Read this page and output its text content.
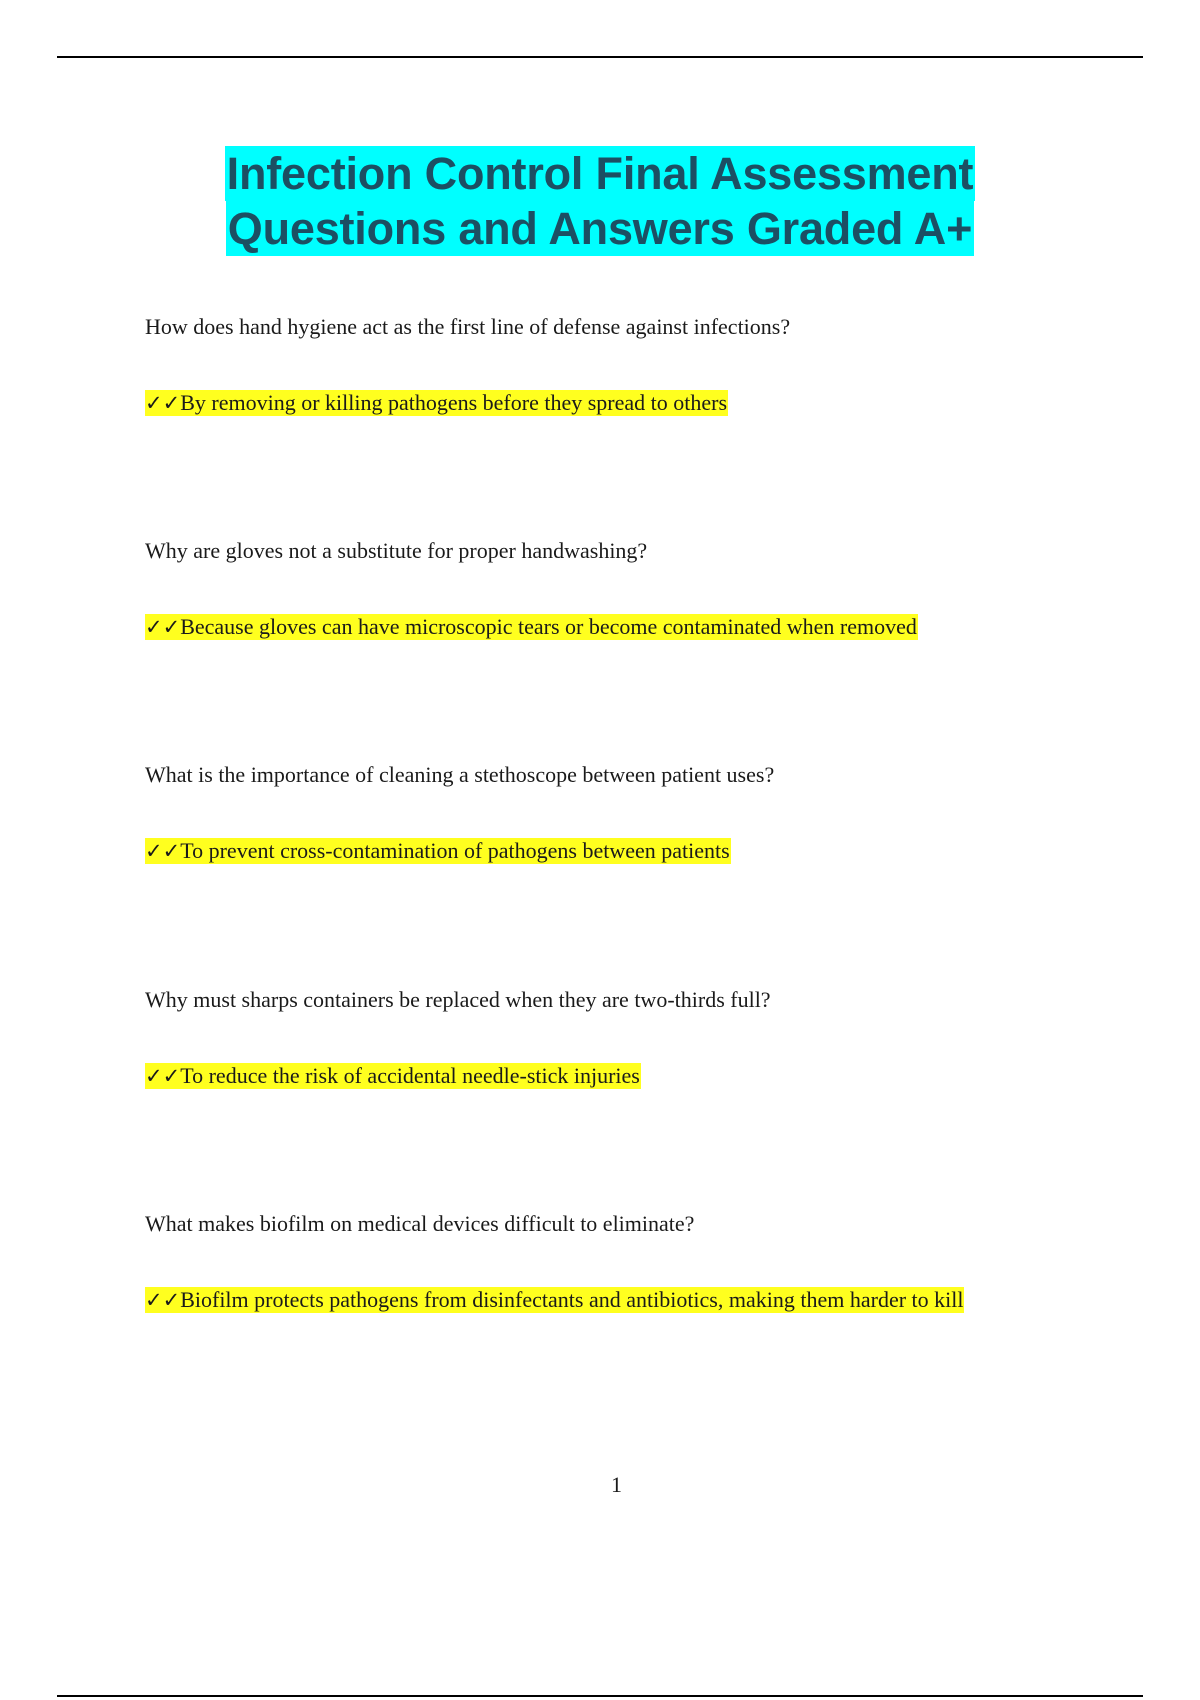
Infection Control Final Assessment
Questions and Answers Graded A+
How does hand hygiene act as the first line of defense against infections?
✓✓By removing or killing pathogens before they spread to others
Why are gloves not a substitute for proper handwashing?
✓✓Because gloves can have microscopic tears or become contaminated when removed
What is the importance of cleaning a stethoscope between patient uses?
✓✓To prevent cross-contamination of pathogens between patients
Why must sharps containers be replaced when they are two-thirds full?
✓✓To reduce the risk of accidental needle-stick injuries
What makes biofilm on medical devices difficult to eliminate?
✓✓Biofilm protects pathogens from disinfectants and antibiotics, making them harder to kill
1
